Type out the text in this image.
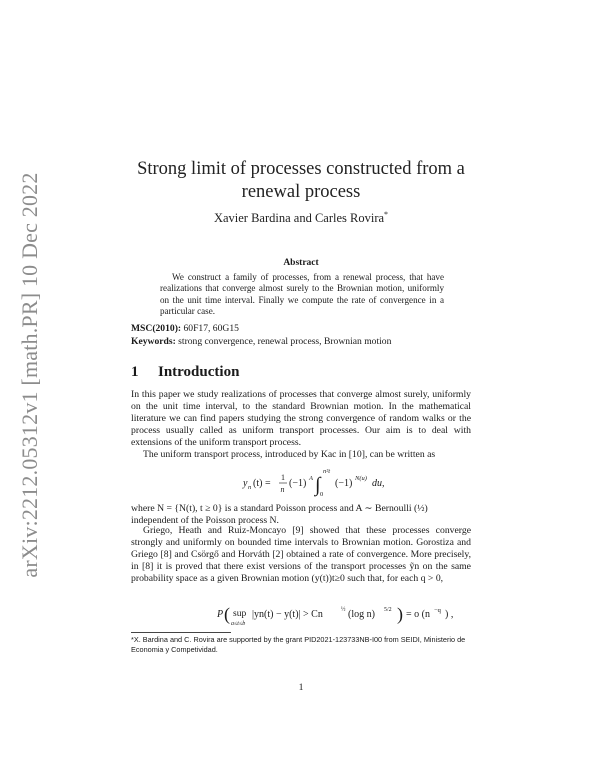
arXiv:2212.05312v1 [math.PR] 10 Dec 2022
Strong limit of processes constructed from a
renewal process
Xavier Bardina and Carles Rovira*
Abstract
We construct a family of processes, from a renewal process, that have realizations that converge almost surely to the Brownian motion, uniformly on the unit time interval. Finally we compute the rate of convergence in a particular case.
MSC(2010): 60F17, 60G15
Keywords: strong convergence, renewal process, Brownian motion
1 Introduction
In this paper we study realizations of processes that converge almost surely, uniformly on the unit time interval, to the standard Brownian motion. In the mathematical literature we can find papers studying the strong convergence of random walks or the process usually called as uniform transport processes. Our aim is to deal with extensions of the uniform transport process.
The uniform transport process, introduced by Kac in [10], can be written as
y n (t) =
1
n
(−1) A ∫
n²t
0
(−1) N(u) du,
where N = {N(t), t ≥ 0} is a standard Poisson process and A ∼ Bernoulli (½)
independent of the Poisson process N.
Griego, Heath and Ruiz-Moncayo [9] showed that these processes converge strongly and uniformly on bounded time intervals to Brownian motion. Gorostiza and Griego [8] and Csörgő and Horváth [2] obtained a rate of convergence. More precisely, in [8] it is proved that there exist versions of the transport processes ỹn on the same probability space as a given Brownian motion (y(t))t≥0 such that, for each q > 0,
P ( sup
a≤t≤b
|yn(t) − y(t)| > Cn	½ (log n) 5/2 ) = o (n −q ) ,
*X. Bardina and C. Rovira are supported by the grant PID2021-123733NB-I00 from SEIDI, Ministerio de Economia y Competividad.
1
